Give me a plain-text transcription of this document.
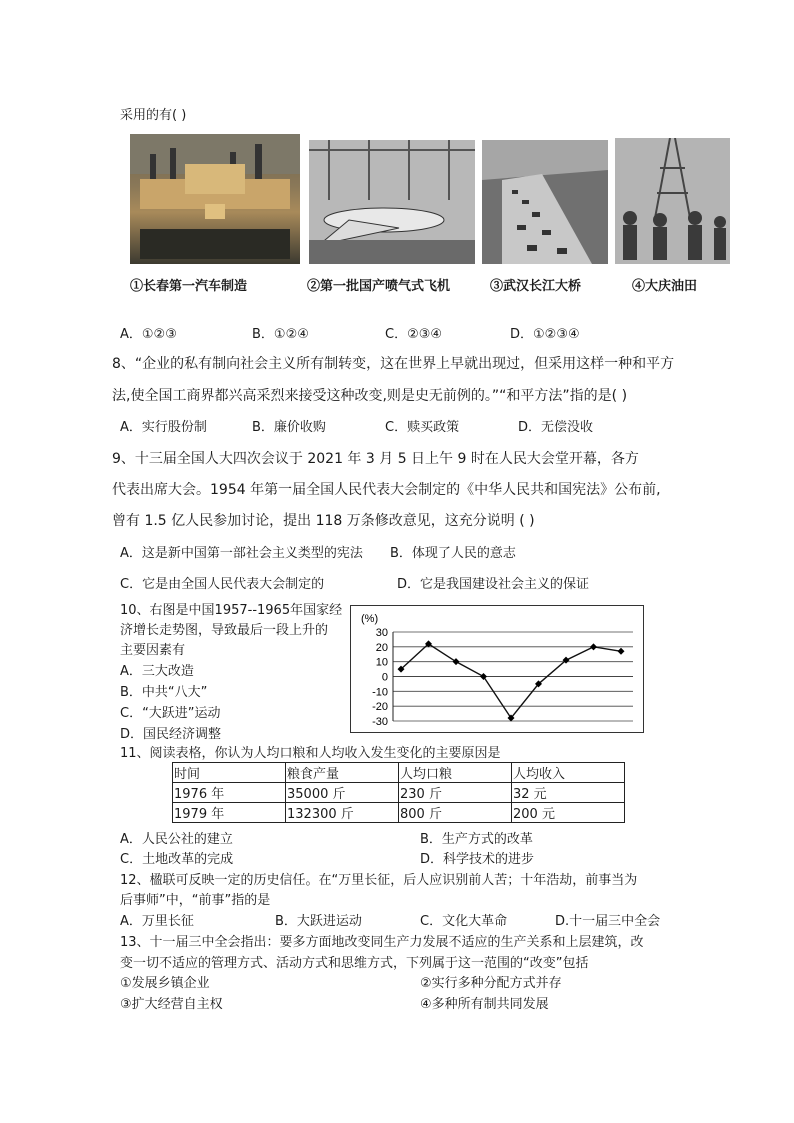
采用的有( )
①长春第一汽车制造	②第一批国产喷气式飞机	③武汉长江大桥	④大庆油田
A．①②③	B．①②④	C．②③④	D．①②③④
8、“企业的私有制向社会主义所有制转变，这在世界上早就出现过，但采用这样一种和平方
法,使全国工商界都兴高采烈来接受这种改变,则是史无前例的。”“和平方法”指的是( )
A．实行股份制	B．廉价收购	C．赎买政策	D．无偿没收
9、十三届全国人大四次会议于 2021 年 3 月 5 日上午 9 时在人民大会堂开幕，各方
代表出席大会。1954 年第一届全国人民代表大会制定的《中华人民共和国宪法》公布前,
曾有 1.5 亿人民参加讨论，提出 118 万条修改意见，这充分说明 ( )
A．这是新中国第一部社会主义类型的宪法 B．体现了人民的意志
C．它是由全国人民代表大会制定的	D．它是我国建设社会主义的保证
10、右图是中国1957--1965年国家经
济增长走势图，导致最后一段上升的
主要因素有
A．三大改造
B．中共“八大”
C．“大跃进”运动
D．国民经济调整
(%)
30
20
10
0
-10
-20
-30
11、阅读表格，你认为人均口粮和人均收入发生变化的主要原因是
时间	粮食产量	人均口粮	人均收入
1976 年	35000 斤	230 斤	32 元
1979 年	132300 斤	800 斤	200 元
A．人民公社的建立	B．生产方式的改革
C．土地改革的完成	D．科学技术的进步
12、楹联可反映一定的历史信任。在“万里长征，后人应识别前人苦；十年浩劫，前事当为
后事师”中，“前事”指的是
A．万里长征	B．大跃进运动	C．文化大革命	D.十一届三中全会
13、十一届三中全会指出：要多方面地改变同生产力发展不适应的生产关系和上层建筑，改
变一切不适应的管理方式、活动方式和思维方式，下列属于这一范围的“改变”包括
①发展乡镇企业	②实行多种分配方式并存
③扩大经营自主权	④多种所有制共同发展
